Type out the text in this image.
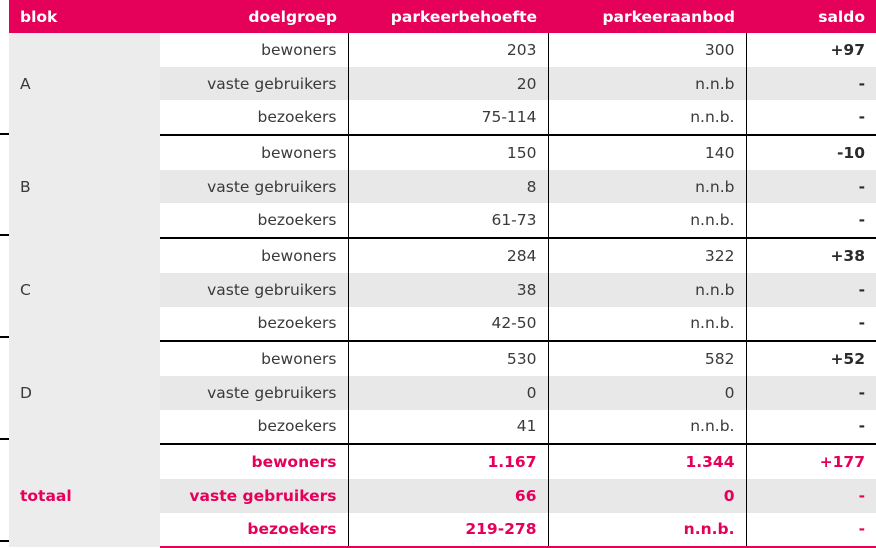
blok	doelgroep	parkeerbehoefte	parkeeraanbod	saldo
A	bewoners	203	300	+97
	vaste gebruikers	20	n.n.b	-
	bezoekers	75-114	n.n.b.	-
B	bewoners	150	140	-10
	vaste gebruikers	8	n.n.b	-
	bezoekers	61-73	n.n.b.	-
C	bewoners	284	322	+38
	vaste gebruikers	38	n.n.b	-
	bezoekers	42-50	n.n.b.	-
D	bewoners	530	582	+52
	vaste gebruikers	0	0	-
	bezoekers	41	n.n.b.	-
totaal	bewoners	1.167	1.344	+177
	vaste gebruikers	66	0	-
	bezoekers	219-278	n.n.b.	-
